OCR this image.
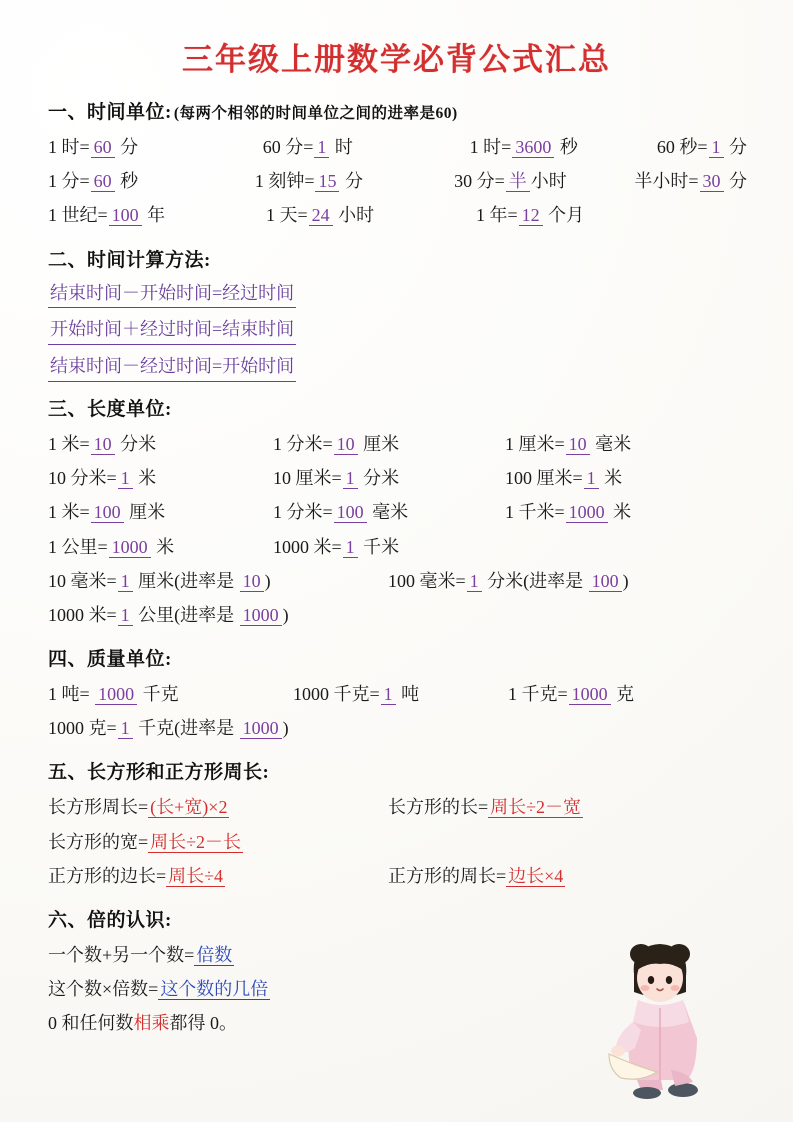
三年级上册数学必背公式汇总
一、时间单位: (每两个相邻的时间单位之间的进率是60)
1 时= 60 分	60 分= 1 时	1 时= 3600 秒	60 秒= 1 分
1 分= 60 秒	1 刻钟= 15 分	30 分= 半 小时	半小时= 30 分
1 世纪= 100 年	1 天= 24 小时	1 年= 12 个月
二、时间计算方法:
结束时间－开始时间=经过时间
开始时间＋经过时间=结束时间
结束时间－经过时间=开始时间
三、长度单位:
1 米= 10 分米	1 分米= 10 厘米	1 厘米= 10 毫米
10 分米= 1 米	10 厘米= 1 分米	100 厘米= 1 米
1 米= 100 厘米	1 分米= 100 毫米	1 千米= 1000 米
1 公里= 1000 米	1000 米= 1 千米
10 毫米= 1 厘米(进率是 10 )	100 毫米= 1 分米(进率是 100 )
1000 米= 1 公里(进率是 1000 )
四、质量单位:
1 吨= 1000 千克	1000 千克= 1 吨	1 千克= 1000 克
1000 克= 1 千克(进率是 1000 )
五、长方形和正方形周长:
长方形周长= (长+宽)×2	长方形的长= 周长÷2－宽
长方形的宽= 周长÷2－长
正方形的边长= 周长÷4	正方形的周长= 边长×4
六、倍的认识:
一个数+另一个数= 倍数
这个数×倍数= 这个数的几倍
0 和任何数相乘都得 0。
